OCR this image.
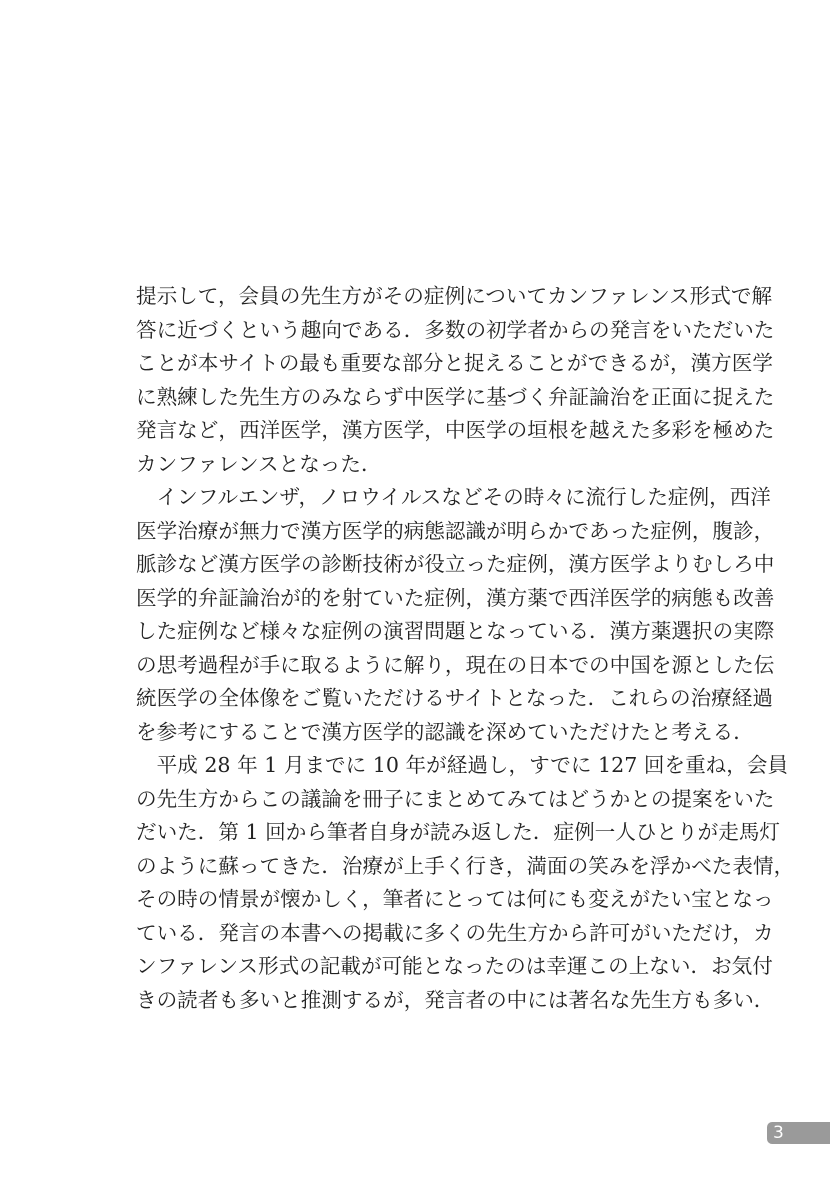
提示して，会員の先生方がその症例についてカンファレンス形式で解
答に近づくという趣向である．多数の初学者からの発言をいただいた
ことが本サイトの最も重要な部分と捉えることができるが，漢方医学
に熟練した先生方のみならず中医学に基づく弁証論治を正面に捉えた
発言など，西洋医学，漢方医学，中医学の垣根を越えた多彩を極めた
カンファレンスとなった．
　インフルエンザ，ノロウイルスなどその時々に流行した症例，西洋
医学治療が無力で漢方医学的病態認識が明らかであった症例，腹診，
脈診など漢方医学の診断技術が役立った症例，漢方医学よりむしろ中
医学的弁証論治が的を射ていた症例，漢方薬で西洋医学的病態も改善
した症例など様々な症例の演習問題となっている．漢方薬選択の実際
の思考過程が手に取るように解り，現在の日本での中国を源とした伝
統医学の全体像をご覧いただけるサイトとなった．これらの治療経過
を参考にすることで漢方医学的認識を深めていただけたと考える．
　平成 28 年 1 月までに 10 年が経過し，すでに 127 回を重ね，会員
の先生方からこの議論を冊子にまとめてみてはどうかとの提案をいた
だいた．第 1 回から筆者自身が読み返した．症例一人ひとりが走馬灯
のように蘇ってきた．治療が上手く行き，満面の笑みを浮かべた表情，
その時の情景が懐かしく，筆者にとっては何にも変えがたい宝となっ
ている．発言の本書への掲載に多くの先生方から許可がいただけ，カ
ンファレンス形式の記載が可能となったのは幸運この上ない．お気付
きの読者も多いと推測するが，発言者の中には著名な先生方も多い．
3
